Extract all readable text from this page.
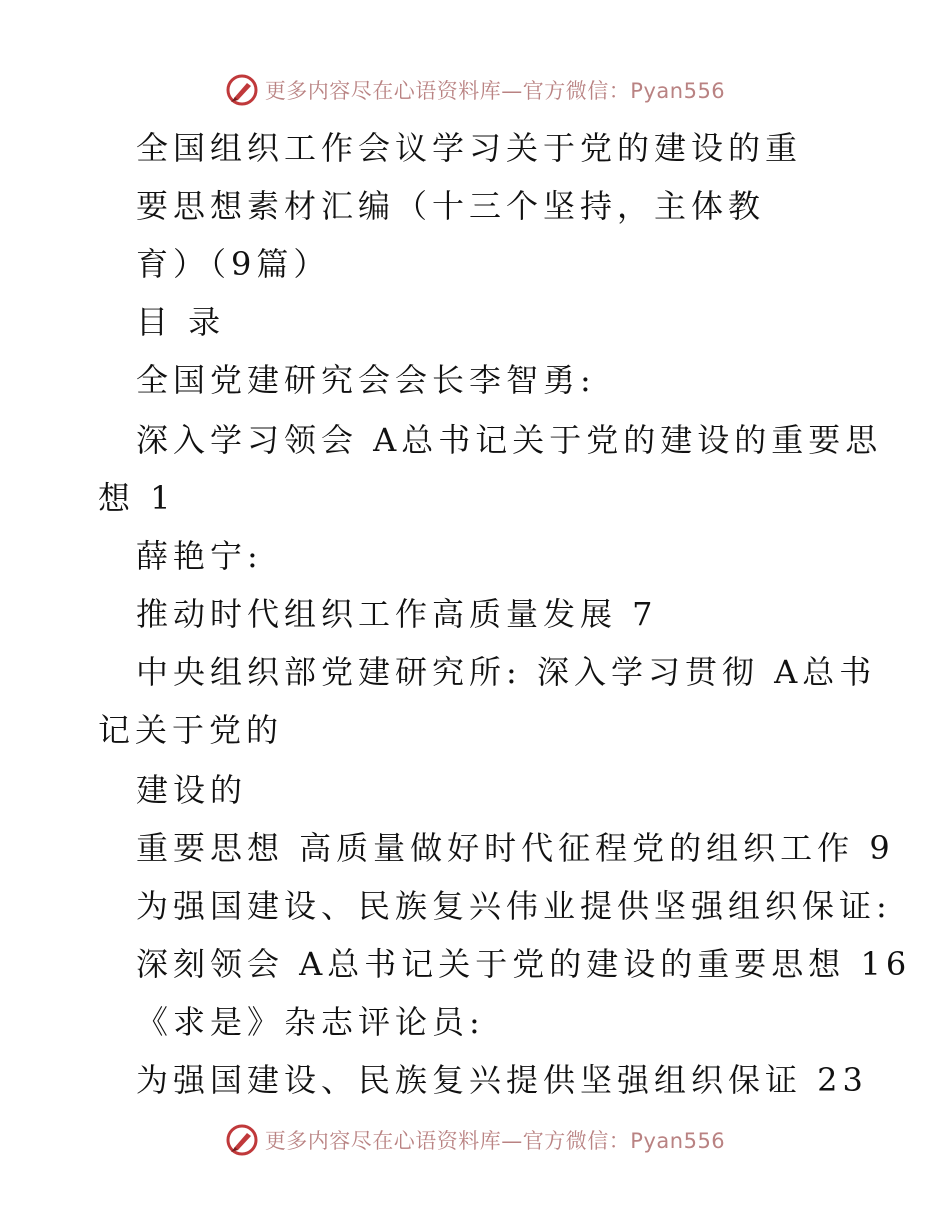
更多内容尽在心语资料库—官方微信：Pyan556
全国组织工作会议学习关于党的建设的重
要思想素材汇编（十三个坚持，主体教
育）（9篇）
目 录
全国党建研究会会长李智勇:
深入学习领会 A总书记关于党的建设的重要思
想 1
薛艳宁:
推动时代组织工作高质量发展 7
中央组织部党建研究所: 深入学习贯彻 A总书
记关于党的
建设的
重要思想 高质量做好时代征程党的组织工作 9
为强国建设、民族复兴伟业提供坚强组织保证:
深刻领会 A总书记关于党的建设的重要思想 16
《求是》杂志评论员:
为强国建设、民族复兴提供坚强组织保证 23
更多内容尽在心语资料库—官方微信：Pyan556
